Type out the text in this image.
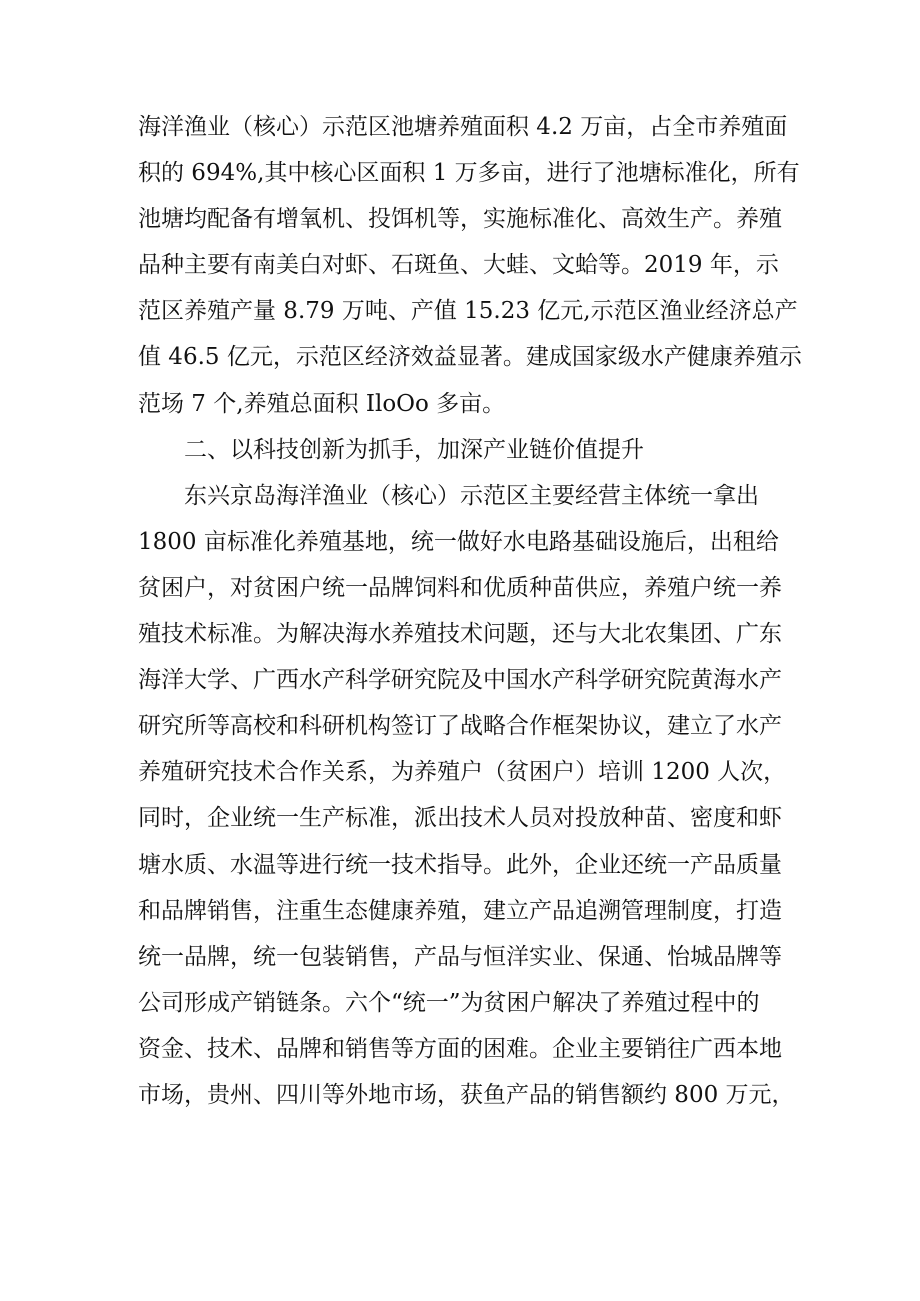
海洋渔业（核心）示范区池塘养殖面积 4.2 万亩，占全市养殖面
积的 694%,其中核心区面积 1 万多亩，进行了池塘标准化，所有
池塘均配备有增氧机、投饵机等，实施标准化、高效生产。养殖
品种主要有南美白对虾、石斑鱼、大蛙、文蛤等。2019 年，示
范区养殖产量 8.79 万吨、产值 15.23 亿元,示范区渔业经济总产
值 46.5 亿元，示范区经济效益显著。建成国家级水产健康养殖示
范场 7 个,养殖总面积 IloOo 多亩。
二、以科技创新为抓手，加深产业链价值提升
东兴京岛海洋渔业（核心）示范区主要经营主体统一拿出
1800 亩标准化养殖基地，统一做好水电路基础设施后，出租给
贫困户，对贫困户统一品牌饲料和优质种苗供应，养殖户统一养
殖技术标准。为解决海水养殖技术问题，还与大北农集团、广东
海洋大学、广西水产科学研究院及中国水产科学研究院黄海水产
研究所等高校和科研机构签订了战略合作框架协议，建立了水产
养殖研究技术合作关系，为养殖户（贫困户）培训 1200 人次，
同时，企业统一生产标准，派出技术人员对投放种苗、密度和虾
塘水质、水温等进行统一技术指导。此外，企业还统一产品质量
和品牌销售，注重生态健康养殖，建立产品追溯管理制度，打造
统一品牌，统一包装销售，产品与恒洋实业、保通、怡城品牌等
公司形成产销链条。六个“统一”为贫困户解决了养殖过程中的
资金、技术、品牌和销售等方面的困难。企业主要销往广西本地
市场，贵州、四川等外地市场，获鱼产品的销售额约 800 万元，
